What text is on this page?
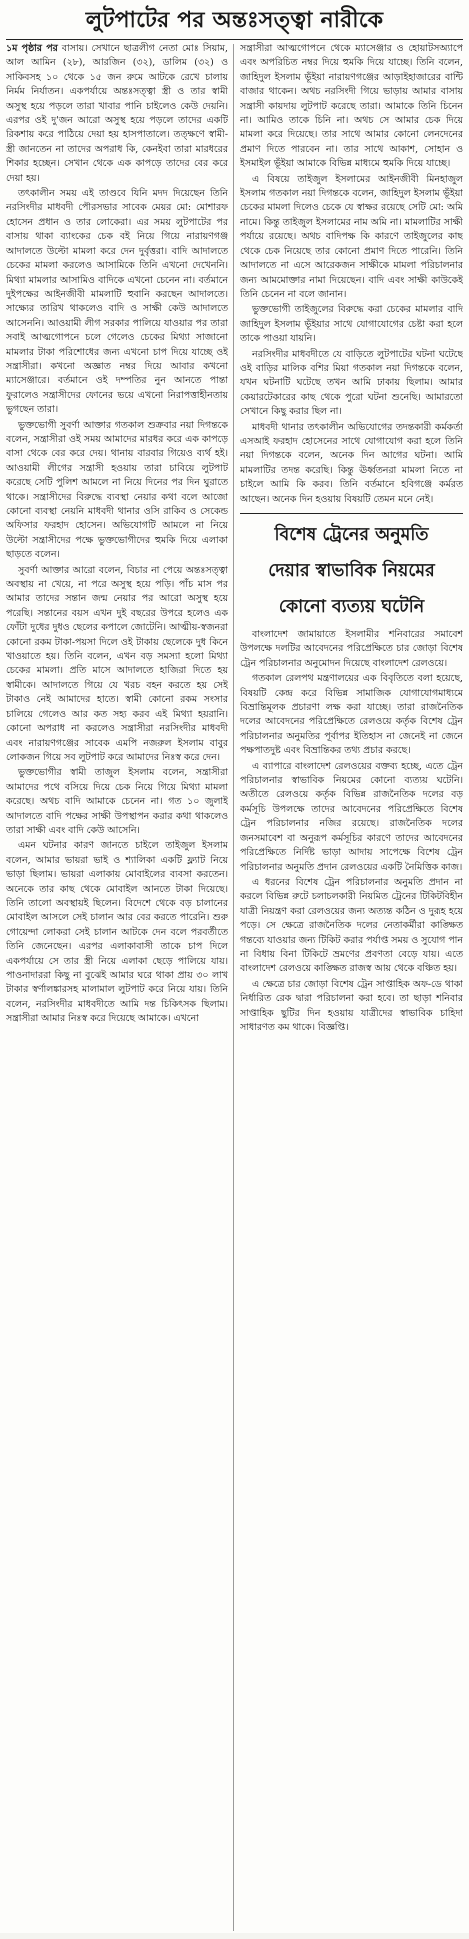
লুটপাটের পর অন্তঃসত্ত্বা নারীকে

১ম পৃষ্ঠার পর বাসায়। সেখানে ছাত্রলীগ নেতা মোঃ সিয়াম, আল আমিন (২৮), আরজিন (৩২), ডালিম (৩২) ও সাকিবসহ ১০ থেকে ১৫ জন রুমে আটকে রেখে চালায় নির্মম নির্যাতন। একপর্যায়ে অন্তঃসত্ত্বা স্ত্রী ও তার স্বামী অসুস্থ হয়ে পড়লে তারা খাবার পানি চাইলেও কেউ দেয়নি। এরপর ওই দু'জন আরো অসুস্থ হয়ে পড়লে তাদের একটি রিকশায় করে পাঠিয়ে দেয়া হয় হাসপাতালে। তত্ক্ষণে স্বামী-স্ত্রী জানতেন না তাদের অপরাধ কি, কেনইবা তারা মারধরের শিকার হচ্ছেন। সেখান থেকে এক কাপড়ে তাদের বের করে দেয়া হয়।

তৎকালীন সময় এই তাণ্ডবে যিনি মদদ দিয়েছেন তিনি নরসিংদীর মাধবদী পৌরসভার সাবেক মেয়র মো: মোশারফ হোসেন প্রধান ও তার লোকেরা। এর সময় লুটপাটের পর বাসায় থাকা ব্যাংকের চেক বই নিয়ে গিয়ে নারায়ণগঞ্জ আদালতে উল্টো মামলা করে দেন দুর্বৃত্তরা। বাদি আদালতে চেকের মামলা করলেও আসামিকে তিনি এখনো দেখেননি। মিথ্যা মামলার আসামিও বাদিকে এখনো চেনেন না। বর্তমানে দুইপক্ষের আইনজীবী মামলাটি হুবানি করছেন আদালতে। সাক্ষ্যের তারিখ থাকলেও বাদি ও সাক্ষী কেউ আদালতে আসেননি। আওয়ামী লীগ সরকার পালিয়ে যাওয়ার পর তারা সবাই আত্মগোপনে চলে গেলেও চেকের মিথ্যা সাজানো মামলার টাকা পরিশোধের জন্য এখনো চাপ দিয়ে যাচ্ছে ওই সন্ত্রাসীরা। কখনো অজ্ঞাত নম্বর দিয়ে আবার কখনো ম্যাসেঞ্জারে। বর্তমানে ওই দম্পতির নুন আনতে পান্তা ফুরালেও সন্ত্রাসীদের ফোনের ভয়ে এখনো নিরাপত্তাহীনতায় ভুগছেন তারা।

ভুক্তভোগী সুবর্ণা আক্তার গতকাল শুক্রবার নয়া দিগন্তকে বলেন, সন্ত্রাসীরা ওই সময় আমাদের মারধর করে এক কাপড়ে বাসা থেকে বের করে দেয়। থানায় বারবার গিয়েও ব্যর্থ হই। আওয়ামী লীগের সন্ত্রাসী হওয়ায় তারা চাবিয়ে লুটপাট করেছে সেটি পুলিশ আমলে না নিয়ে দিনের পর দিন ঘুরাতে থাকে। সন্ত্রাসীদের বিরুদ্ধে ব্যবস্থা নেয়ার কথা বলে আজো কোনো ব্যবস্থা নেয়নি মাধবদী থানার ওসি রাকিব ও সেকেন্ড অফিসার ফরহাদ হোসেন। অভিযোগটি আমলে না নিয়ে উল্টো সন্ত্রাসীদের পক্ষে ভুক্তভোগীদের হুমকি দিয়ে এলাকা ছাড়তে বলেন।

সুবর্ণা আক্তার আরো বলেন, বিচার না পেয়ে অন্তঃসত্ত্বা অবস্থায় না খেয়ে, না পরে অসুস্থ হয়ে পড়ি। পাঁচ মাস পর আমার তাদের সন্তান জন্ম নেয়ার পর আরো অসুস্থ হয়ে পরেছি। সন্তানের বয়স এখন দুই বছরের উপরে হলেও এক ফোঁটা দুধের দুধও ছেলের কপালে জোটেনি। আত্মীয়-স্বজনরা কোনো রকম টাকা-পয়সা দিলে ওই টাকায় ছেলেকে দুধ কিনে খাওয়াতে হয়। তিনি বলেন, এখন বড় সমস্যা হলো মিথ্যা চেকের মামলা। প্রতি মাসে আদালতে হাজিরা দিতে হয় স্বামীকে। আদালতে গিয়ে যে খরচ বহন করতে হয় সেই টাকাও নেই আমাদের হাতে। স্বামী কোনো রকম সংসার চালিয়ে গেলেও আর কত সহ্য করব এই মিথ্যা হয়রানি। কোনো অপরাধ না করলেও সন্ত্রাসীরা নরসিংদীর মাধবদী এবং নারায়ণগঞ্জের সাবেক এমপি নজরুল ইসলাম বাবুর লোকজন গিয়ে সব লুটপাট করে আমাদের নিঃস্ব করে দেন।

ভুক্তভোগীর স্বামী তাজুল ইসলাম বলেন, সন্ত্রাসীরা আমাদের পথে বসিয়ে দিয়ে চেক নিয়ে গিয়ে মিথ্যা মামলা করেছে। অথচ বাদি আমাকে চেনেন না। গত ১০ জুলাই আদালতে বাদি পক্ষের সাক্ষী উপস্থাপন করার কথা থাকলেও তারা সাক্ষী এবং বাদি কেউ আসেনি।

এমন ঘটনার কারণ জানতে চাইলে তাইজুল ইসলাম বলেন, আমার ভায়রা ভাই ও শ্যালিকা একটি ফ্ল্যাট নিয়ে ভাড়া ছিলাম। ভায়রা এলাকায় মোবাইলের ব্যবসা করতেন। অনেকে তার কাছ থেকে মোবাইল আনতে টাকা দিয়েছে। তিনি তালো অবস্থায়ই ছিলেন। বিদেশে থেকে বড় চালানের মোবাইল আসলে সেই চালান আর বের করতে পারেনি। শুরু গোয়েন্দা লোকরা সেই চালান আটকে দেন বলে পরবর্তীতে তিনি জেনেছেন। এরপর এলাকাবাসী তাকে চাপ দিলে একপর্যায়ে সে তার স্ত্রী নিয়ে এলাকা ছেড়ে পালিয়ে যায়। পাওনাদাররা কিছু না বুঝেই আমার ঘরে থাকা প্রায় ৩০ লাখ টাকার স্বর্ণালঙ্কারসহ মালামাল লুটপাট করে নিয়ে যায়। তিনি বলেন, নরসিংদীর মাধবদীতে আমি দন্ত চিকিৎসক ছিলাম। সন্ত্রাসীরা আমার নিঃস্ব করে দিয়েছে আমাকে। এখনো

সন্ত্রাসীরা আত্মগোপনে থেকে ম্যাসেঞ্জার ও হোয়াটসঅ্যাপে এবং অপরিচিত নম্বর দিয়ে হুমকি দিয়ে যাচ্ছে। তিনি বলেন, জাহিদুল ইসলাম ভূঁইয়া নারায়ণগঞ্জের আড়াইহাজারের বান্টি বাজার থাকেন। অথচ নরসিংদী গিয়ে ভাড়ায় আমার বাসায় সন্ত্রাসী কায়দায় লুটপাট করেছে তারা। আমাকে তিনি চিনেন না। আমিও তাকে চিনি না। অথচ সে আমার চেক দিয়ে মামলা করে দিয়েছে। তার সাথে আমার কোনো লেনদেনের প্রমাণ দিতে পারবেন না। তার সাথে আকাশ, সোহান ও ইসমাইল ভূঁইয়া আমাকে বিভিন্ন মাধ্যমে হুমকি দিয়ে যাচ্ছে।

এ বিষয়ে তাইজুল ইসলামের আইনজীবী মিনহাজুল ইসলাম গতকাল নয়া দিগন্তকে বলেন, জাহিদুল ইসলাম ভূঁইয়া চেকের মামলা দিলেও চেকে যে স্বাক্ষর রয়েছে সেটি মো: অমি নামে। কিন্তু তাইজুল ইসলামের নাম অমি না। মামলাটির সাক্ষী পর্যায়ে রয়েছে। অথচ বাদিপক্ষ কি কারণে তাইজুলের কাছ থেকে চেক নিয়েছে তার কোনো প্রমাণ দিতে পারেনি। তিনি আদালতে না এসে আরেকজন সাক্ষীকে মামলা পরিচালনার জন্য আমমোক্তার নামা দিয়েছেন। বাদি এবং সাক্ষী কাউকেই তিনি চেনেন না বলে জানান।

ভুক্তভোগী তাইজুলের বিরুদ্ধে করা চেকের মামলার বাদি জাহিদুল ইসলাম ভূঁইয়ার সাথে যোগাযোগের চেষ্টা করা হলে তাকে পাওয়া যায়নি।

নরসিংদীর মাধবদীতে যে বাড়িতে লুটপাটের ঘটনা ঘটেছে ওই বাড়ির মালিক বশির মিয়া গতকাল নয়া দিগন্তকে বলেন, যখন ঘটনাটি ঘটেছে তখন আমি ঢাকায় ছিলাম। আমার কেয়ারটেকারের কাছ থেকে পুরো ঘটনা শুনেছি। আমারতো সেখানে কিছু করার ছিল না।

মাধবদী থানার তৎকালীন অভিযোগের তদন্তকারী কর্মকর্তা এসআই ফরহাদ হোসেনের সাথে যোগাযোগ করা হলে তিনি নয়া দিগন্তকে বলেন, অনেক দিন আগের ঘটনা। আমি মামলাটির তদন্ত করেছি। কিন্তু ঊর্ধ্বতনরা মামলা নিতে না চাইলে আমি কি করব। তিনি বর্তমানে হবিগঞ্জে কর্মরত আছেন। অনেক দিন হওয়ায় বিষয়টি তেমন মনে নেই।

বিশেষ ট্রেনের অনুমতি
দেয়ার স্বাভাবিক নিয়মের
কোনো ব্যত্যয় ঘটেনি

বাংলাদেশ জামায়াতে ইসলামীর শনিবারের সমাবেশ উপলক্ষে দলটির আবেদনের পরিপ্রেক্ষিতে চার জোড়া বিশেষ ট্রেন পরিচালনার অনুমোদন দিয়েছে বাংলাদেশ রেলওয়ে।

গতকাল রেলপথ মন্ত্রণালয়ের এক বিবৃতিতে বলা হয়েছে, বিষয়টি কেন্দ্র করে বিভিন্ন সামাজিক যোগাযোগমাধ্যমে বিভ্রান্তিমূলক প্রচারণা লক্ষ করা যাচ্ছে। তারা রাজনৈতিক দলের আবেদনের পরিপ্রেক্ষিতে রেলওয়ে কর্তৃক বিশেষ ট্রেন পরিচালনার অনুমতির পূর্বাপর ইতিহাস না জেনেই না জেনে পক্ষপাতদুষ্ট এবং বিভ্রান্তিকর তথ্য প্রচার করছে।

এ ব্যাপারে বাংলাদেশ রেলওয়ের বক্তব্য হচ্ছে, এতে ট্রেন পরিচালনার স্বাভাবিক নিয়মের কোনো ব্যত্যয় ঘটেনি। অতীতে রেলওয়ে কর্তৃক বিভিন্ন রাজনৈতিক দলের বড় কর্মসূচি উপলক্ষে তাদের আবেদনের পরিপ্রেক্ষিতে বিশেষ ট্রেন পরিচালনার নজির রয়েছে। রাজনৈতিক দলের জনসমাবেশ বা অনুরূপ কর্মসূচির কারণে তাদের আবেদনের পরিপ্রেক্ষিতে নির্দিষ্ট ভাড়া আদায় সাপেক্ষে বিশেষ ট্রেন পরিচালনার অনুমতি প্রদান রেলওয়ের একটি নৈমিত্তিক কাজ।

এ ধরনের বিশেষ ট্রেন পরিচালনার অনুমতি প্রদান না করলে বিভিন্ন রুটে চলাচলকারী নিয়মিত ট্রেনের টিকিটবিহীন যাত্রী নিয়ন্ত্রণ করা রেলওয়ের জন্য অত্যন্ত কঠিন ও দুরূহ হয়ে পড়ে। সে ক্ষেত্রে রাজনৈতিক দলের নেতাকর্মীরা কাঙ্ক্ষিত গন্তব্যে যাওয়ার জন্য টিকিট করার পর্যাপ্ত সময় ও সুযোগ পান না বিধায় বিনা টিকিটে ভ্রমণের প্রবণতা বেড়ে যায়। এতে বাংলাদেশ রেলওয়ে কাঙ্ক্ষিত রাজস্ব আয় থেকে বঞ্চিত হয়।

এ ক্ষেত্রে চার জোড়া বিশেষ ট্রেন সাপ্তাহিক অফ-ডে থাকা নির্ধারিত রেক দ্বারা পরিচালনা করা হবে। তা ছাড়া শনিবার সাপ্তাহিক ছুটির দিন হওয়ায় যাত্রীদের স্বাভাবিক চাহিদা সাধারণত কম থাকে। বিজ্ঞপ্তি।
